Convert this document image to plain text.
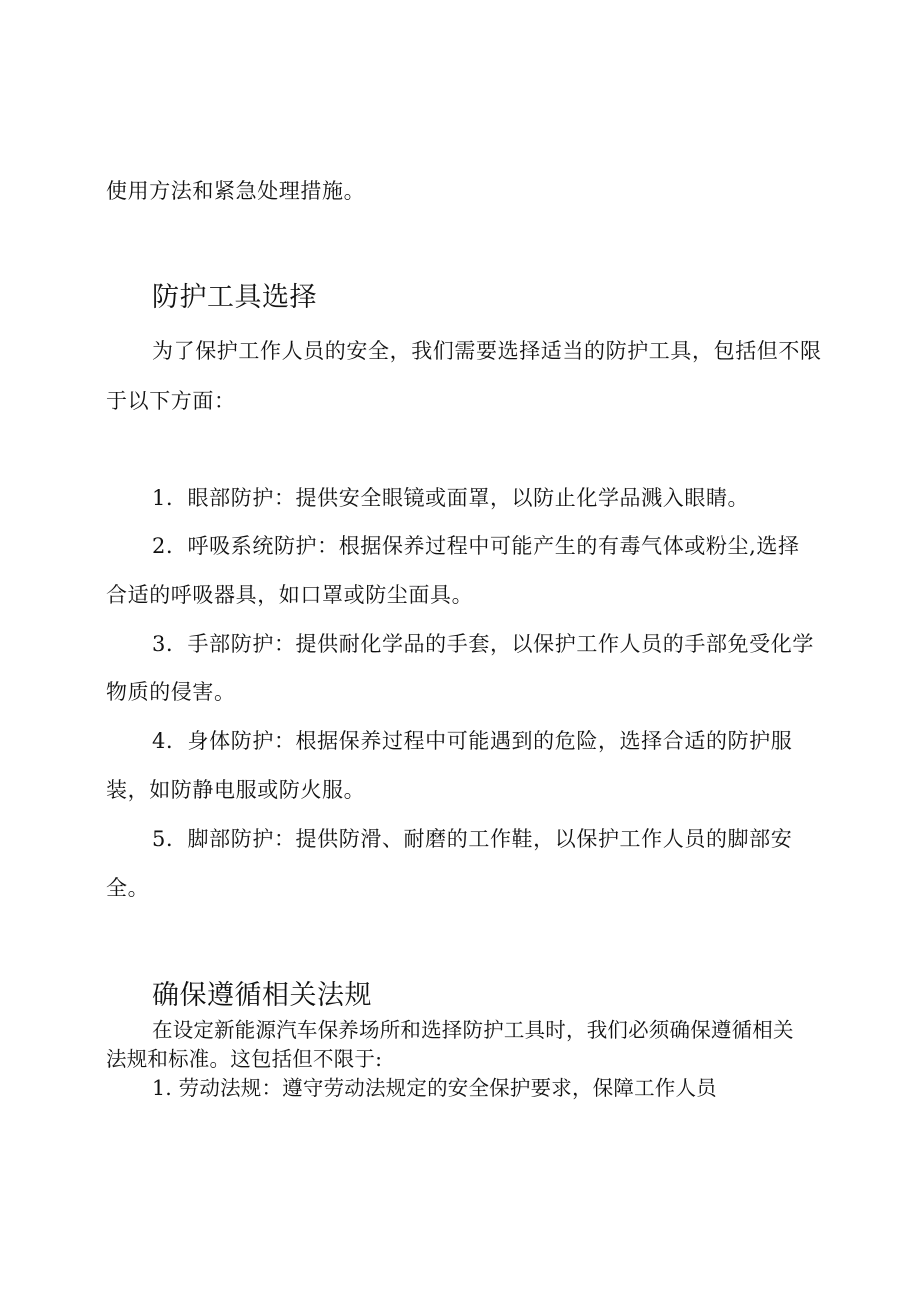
使用方法和紧急处理措施。
防护工具选择
为了保护工作人员的安全，我们需要选择适当的防护工具，包括但不限
于以下方面：
1．眼部防护：提供安全眼镜或面罩，以防止化学品溅入眼睛。
2．呼吸系统防护：根据保养过程中可能产生的有毒气体或粉尘,选择
合适的呼吸器具，如口罩或防尘面具。
3．手部防护：提供耐化学品的手套，以保护工作人员的手部免受化学
物质的侵害。
4．身体防护：根据保养过程中可能遇到的危险，选择合适的防护服
装，如防静电服或防火服。
5．脚部防护：提供防滑、耐磨的工作鞋，以保护工作人员的脚部安
全。
确保遵循相关法规
在设定新能源汽车保养场所和选择防护工具时，我们必须确保遵循相关
法规和标准。这包括但不限于:
1. 劳动法规：遵守劳动法规定的安全保护要求，保障工作人员
